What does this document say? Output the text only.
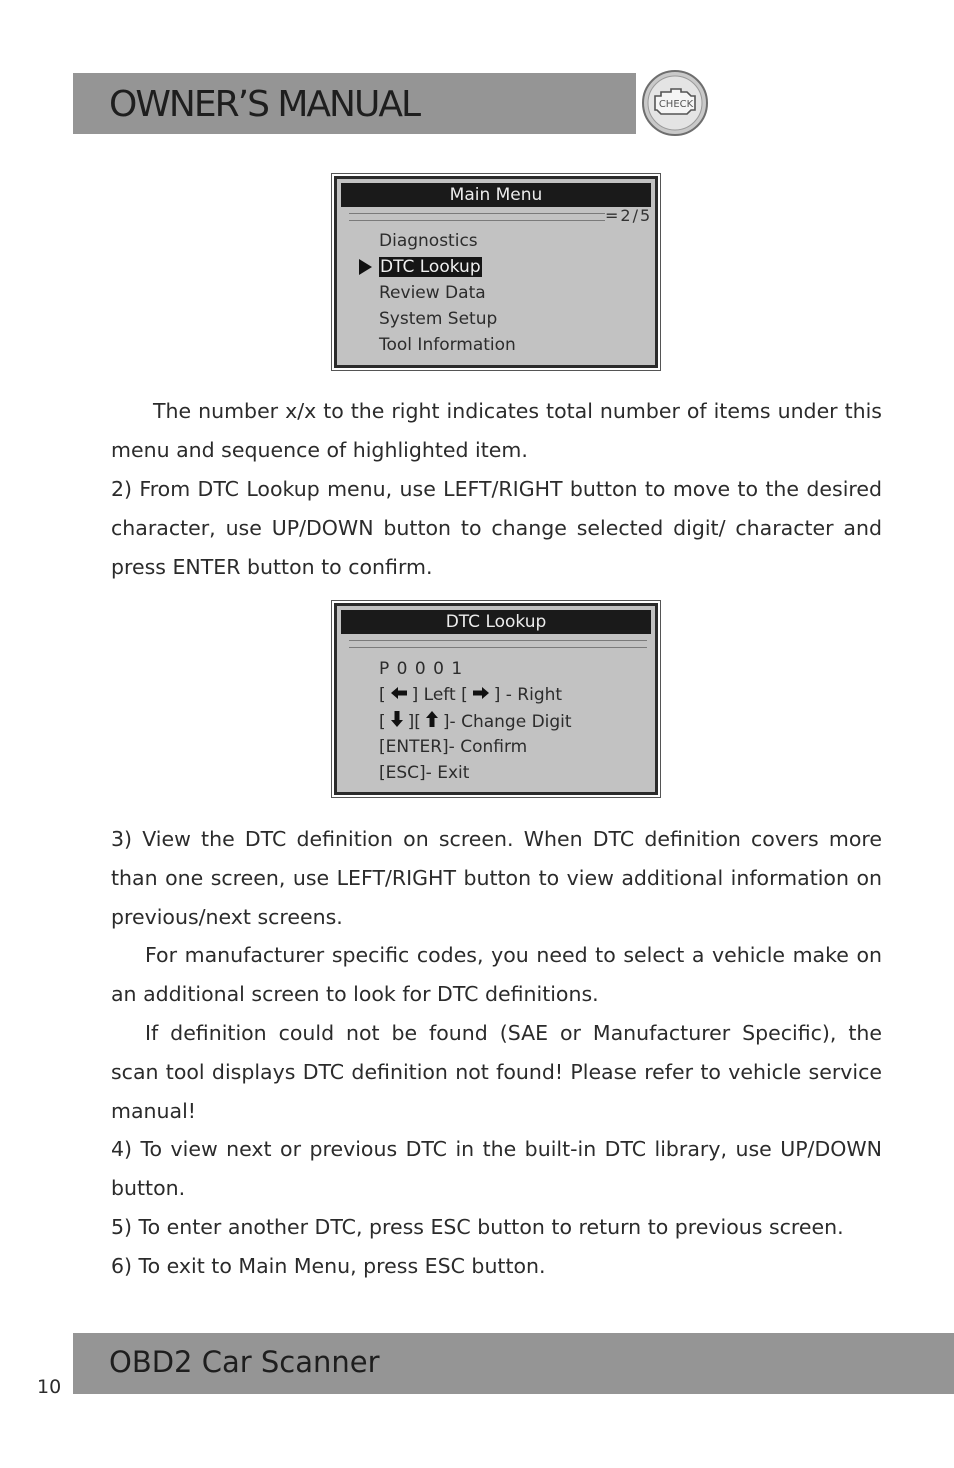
OWNER’S MANUAL	CHECK
Main Menu
=2/5
Diagnostics
DTC Lookup
Review Data
System Setup
Tool Information

The number x/x to the right indicates total number of items under this menu and sequence of highlighted item.

2) From DTC Lookup menu, use LEFT/RIGHT button to move to the desired character, use UP/DOWN button to change selected digit/ character and press ENTER button to confirm.

DTC Lookup
P 0 0 0 1
[ ] Left [ ] - Right
[ ][ ]- Change Digit
[ENTER]- Confirm
[ESC]- Exit

3) View the DTC definition on screen. When DTC definition covers more than one screen, use LEFT/RIGHT button to view additional information on previous/next screens.

For manufacturer specific codes, you need to select a vehicle make on an additional screen to look for DTC definitions.

If definition could not be found (SAE or Manufacturer Specific), the scan tool displays DTC definition not found! Please refer to vehicle service manual!

4) To view next or previous DTC in the built-in DTC library, use UP/DOWN button.

5) To enter another DTC, press ESC button to return to previous screen.

6) To exit to Main Menu, press ESC button.

OBD2 Car Scanner
10
